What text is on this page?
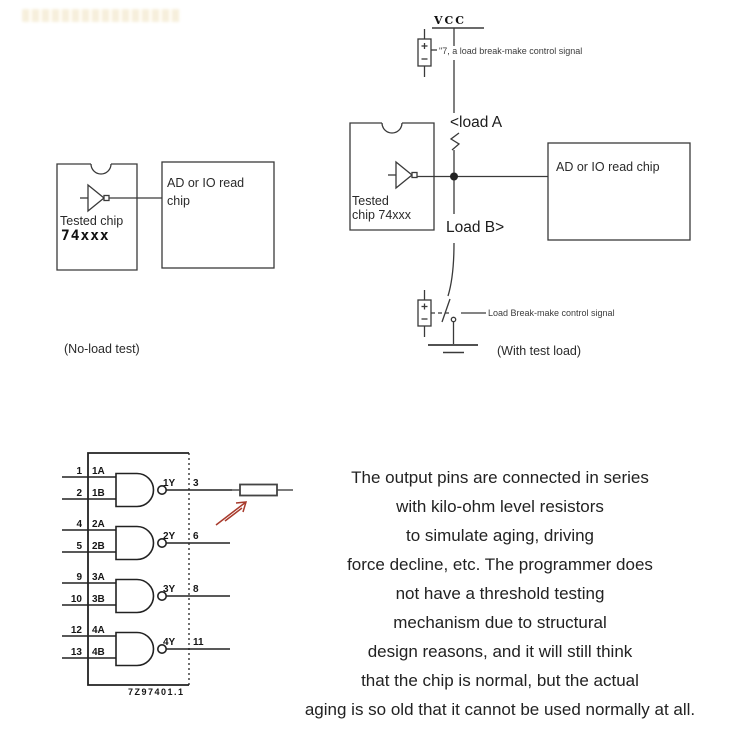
AD or IO read chip
Tested chip
74xxx
(No-load test)
VCC
"7, a load break-make control signal
<load A
Tested
chip 74xxx
Load B>
AD or IO read chip
Load Break-make control signal
(With test load)
1 1A
2 1B
1Y 3
4 2A
5 2B
2Y 6
9 3A
10 3B
3Y 8
12 4A
13 4B
4Y 11
7Z97401.1
The output pins are connected in series
with kilo-ohm level resistors
to simulate aging, driving
force decline, etc. The programmer does
not have a threshold testing
mechanism due to structural
design reasons, and it will still think
that the chip is normal, but the actual
aging is so old that it cannot be used normally at all.
